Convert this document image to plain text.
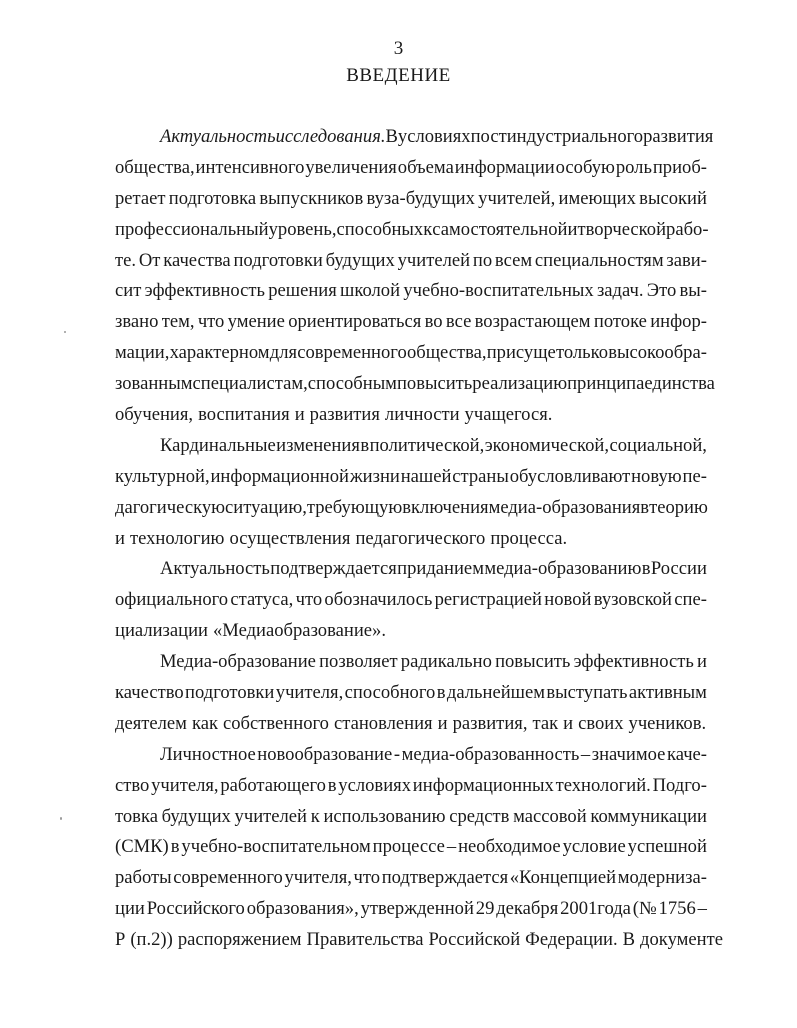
3
ВВЕДЕНИЕ
Актуальность исследования. В условиях постиндустриального развития
общества, интенсивного увеличения объема информации особую роль приоб-
ретает подготовка выпускников вуза-будущих учителей, имеющих высокий
профессиональный уровень, способных к самостоятельной и творческой рабо-
те. От качества подготовки будущих учителей по всем специальностям зави-
сит эффективность решения школой учебно-воспитательных задач. Это вы-
звано тем, что умение ориентироваться во все возрастающем потоке инфор-
мации, характерном для современного общества, присуще только высокообра-
зованным специалистам, способным повысить реализацию принципа единства
обучения, воспитания и развития личности учащегося.
Кардинальные изменения в политической, экономической, социальной,
культурной, информационной жизни нашей страны обусловливают новую пе-
дагогическую ситуацию, требующую включения медиа-образования в теорию
и технологию осуществления педагогического процесса.
Актуальность подтверждается приданием медиа-образованию в России
официального статуса, что обозначилось регистрацией новой вузовской спе-
циализации «Медиаобразование».
Медиа-образование позволяет радикально повысить эффективность и
качество подготовки учителя, способного в дальнейшем выступать активным
деятелем как собственного становления и развития, так и своих учеников.
Личностное новообразование - медиа-образованность – значимое каче-
ство учителя, работающего в условиях информационных технологий. Подго-
товка будущих учителей к использованию средств массовой коммуникации
(СМК) в учебно-воспитательном процессе – необходимое условие успешной
работы современного учителя, что подтверждается «Концепцией модерниза-
ции Российского образования», утвержденной 29 декабря 2001года (№ 1756 –
Р (п.2)) распоряжением Правительства Российской Федерации. В документе
